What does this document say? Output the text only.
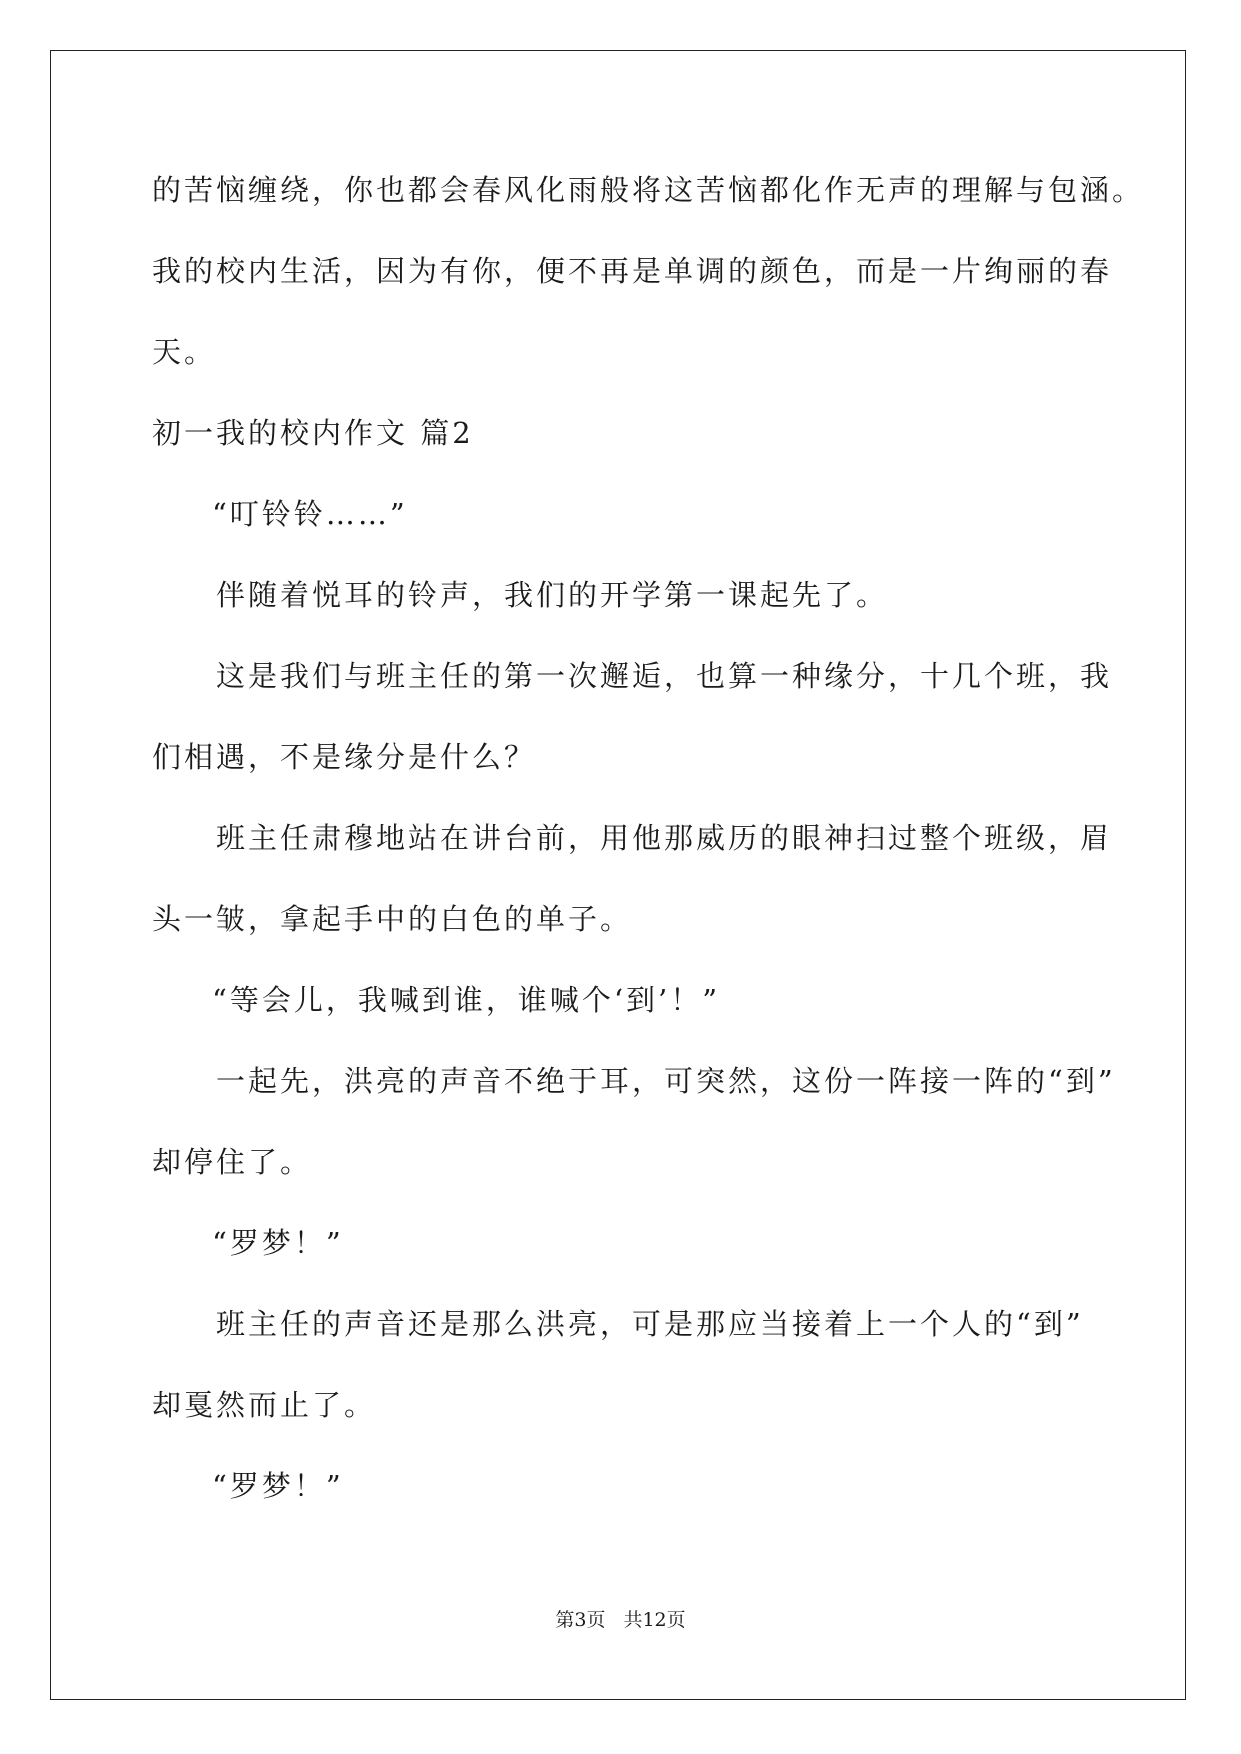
的苦恼缠绕，你也都会春风化雨般将这苦恼都化作无声的理解与包涵。
我的校内生活，因为有你，便不再是单调的颜色，而是一片绚丽的春
天。
初一我的校内作文 篇2
“叮铃铃……”
伴随着悦耳的铃声，我们的开学第一课起先了。
这是我们与班主任的第一次邂逅，也算一种缘分，十几个班，我
们相遇，不是缘分是什么？
班主任肃穆地站在讲台前，用他那威历的眼神扫过整个班级，眉
头一皱，拿起手中的白色的单子。
“等会儿，我喊到谁，谁喊个‘到’！”
一起先，洪亮的声音不绝于耳，可突然，这份一阵接一阵的“到”
却停住了。
“罗梦！”
班主任的声音还是那么洪亮，可是那应当接着上一个人的“到”
却戛然而止了。
“罗梦！”
第3页 共12页
